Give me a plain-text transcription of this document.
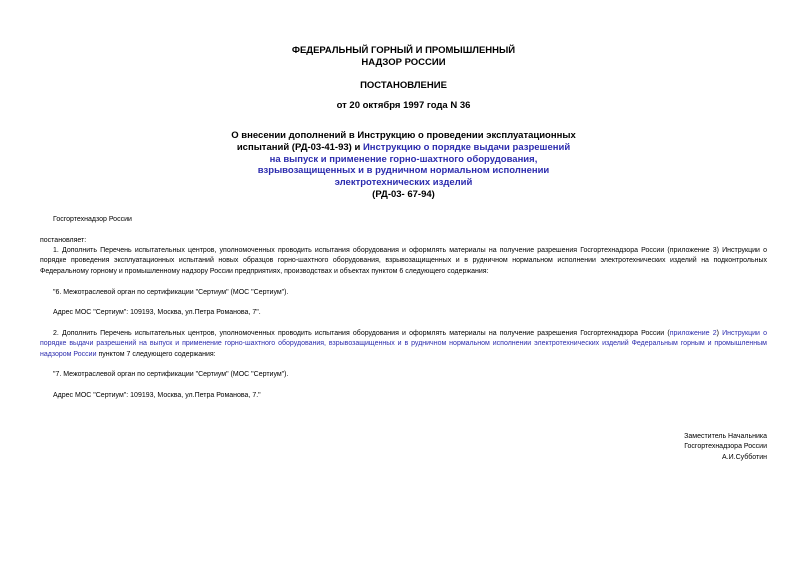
ФЕДЕРАЛЬНЫЙ ГОРНЫЙ И ПРОМЫШЛЕННЫЙ
НАДЗОР РОССИИ

ПОСТАНОВЛЕНИЕ

от 20 октября 1997 года N 36

О внесении дополнений в Инструкцию о проведении эксплуатационных
испытаний (РД-03-41-93) и Инструкцию о порядке выдачи разрешений
на выпуск и применение горно-шахтного оборудования,
взрывозащищенных и в рудничном нормальном исполнении
электротехнических изделий
(РД-03- 67-94)

Госгортехнадзор России

постановляет:

1. Дополнить Перечень испытательных центров, уполномоченных проводить испытания оборудования и оформлять материалы на получение разрешения Госгортехнадзора России (приложение 3) Инструкции о порядке проведения эксплуатационных испытаний новых образцов горно-шахтного оборудования, взрывозащищенных и в рудничном нормальном исполнении электротехнических изделий на подконтрольных Федеральному горному и промышленному надзору России предприятиях, производствах и объектах пунктом 6 следующего содержания:

"6. Межотраслевой орган по сертификации "Сертиум" (МОС "Сертиум").

Адрес МОС "Сертиум": 109193, Москва, ул.Петра Романова, 7".

2. Дополнить Перечень испытательных центров, уполномоченных проводить испытания оборудования и оформлять материалы на получение разрешения Госгортехнадзора России (приложение 2) Инструкции о порядке выдачи разрешений на выпуск и применение горно-шахтного оборудования, взрывозащищенных и в рудничном нормальном исполнении электротехнических изделий Федеральным горным и промышленным надзором России пунктом 7 следующего содержания:

"7. Межотраслевой орган по сертификации "Сертиум" (МОС "Сертиум").

Адрес МОС "Сертиум": 109193, Москва, ул.Петра Романова, 7."

Заместитель Начальника
Госгортехнадзора России
А.И.Субботин
